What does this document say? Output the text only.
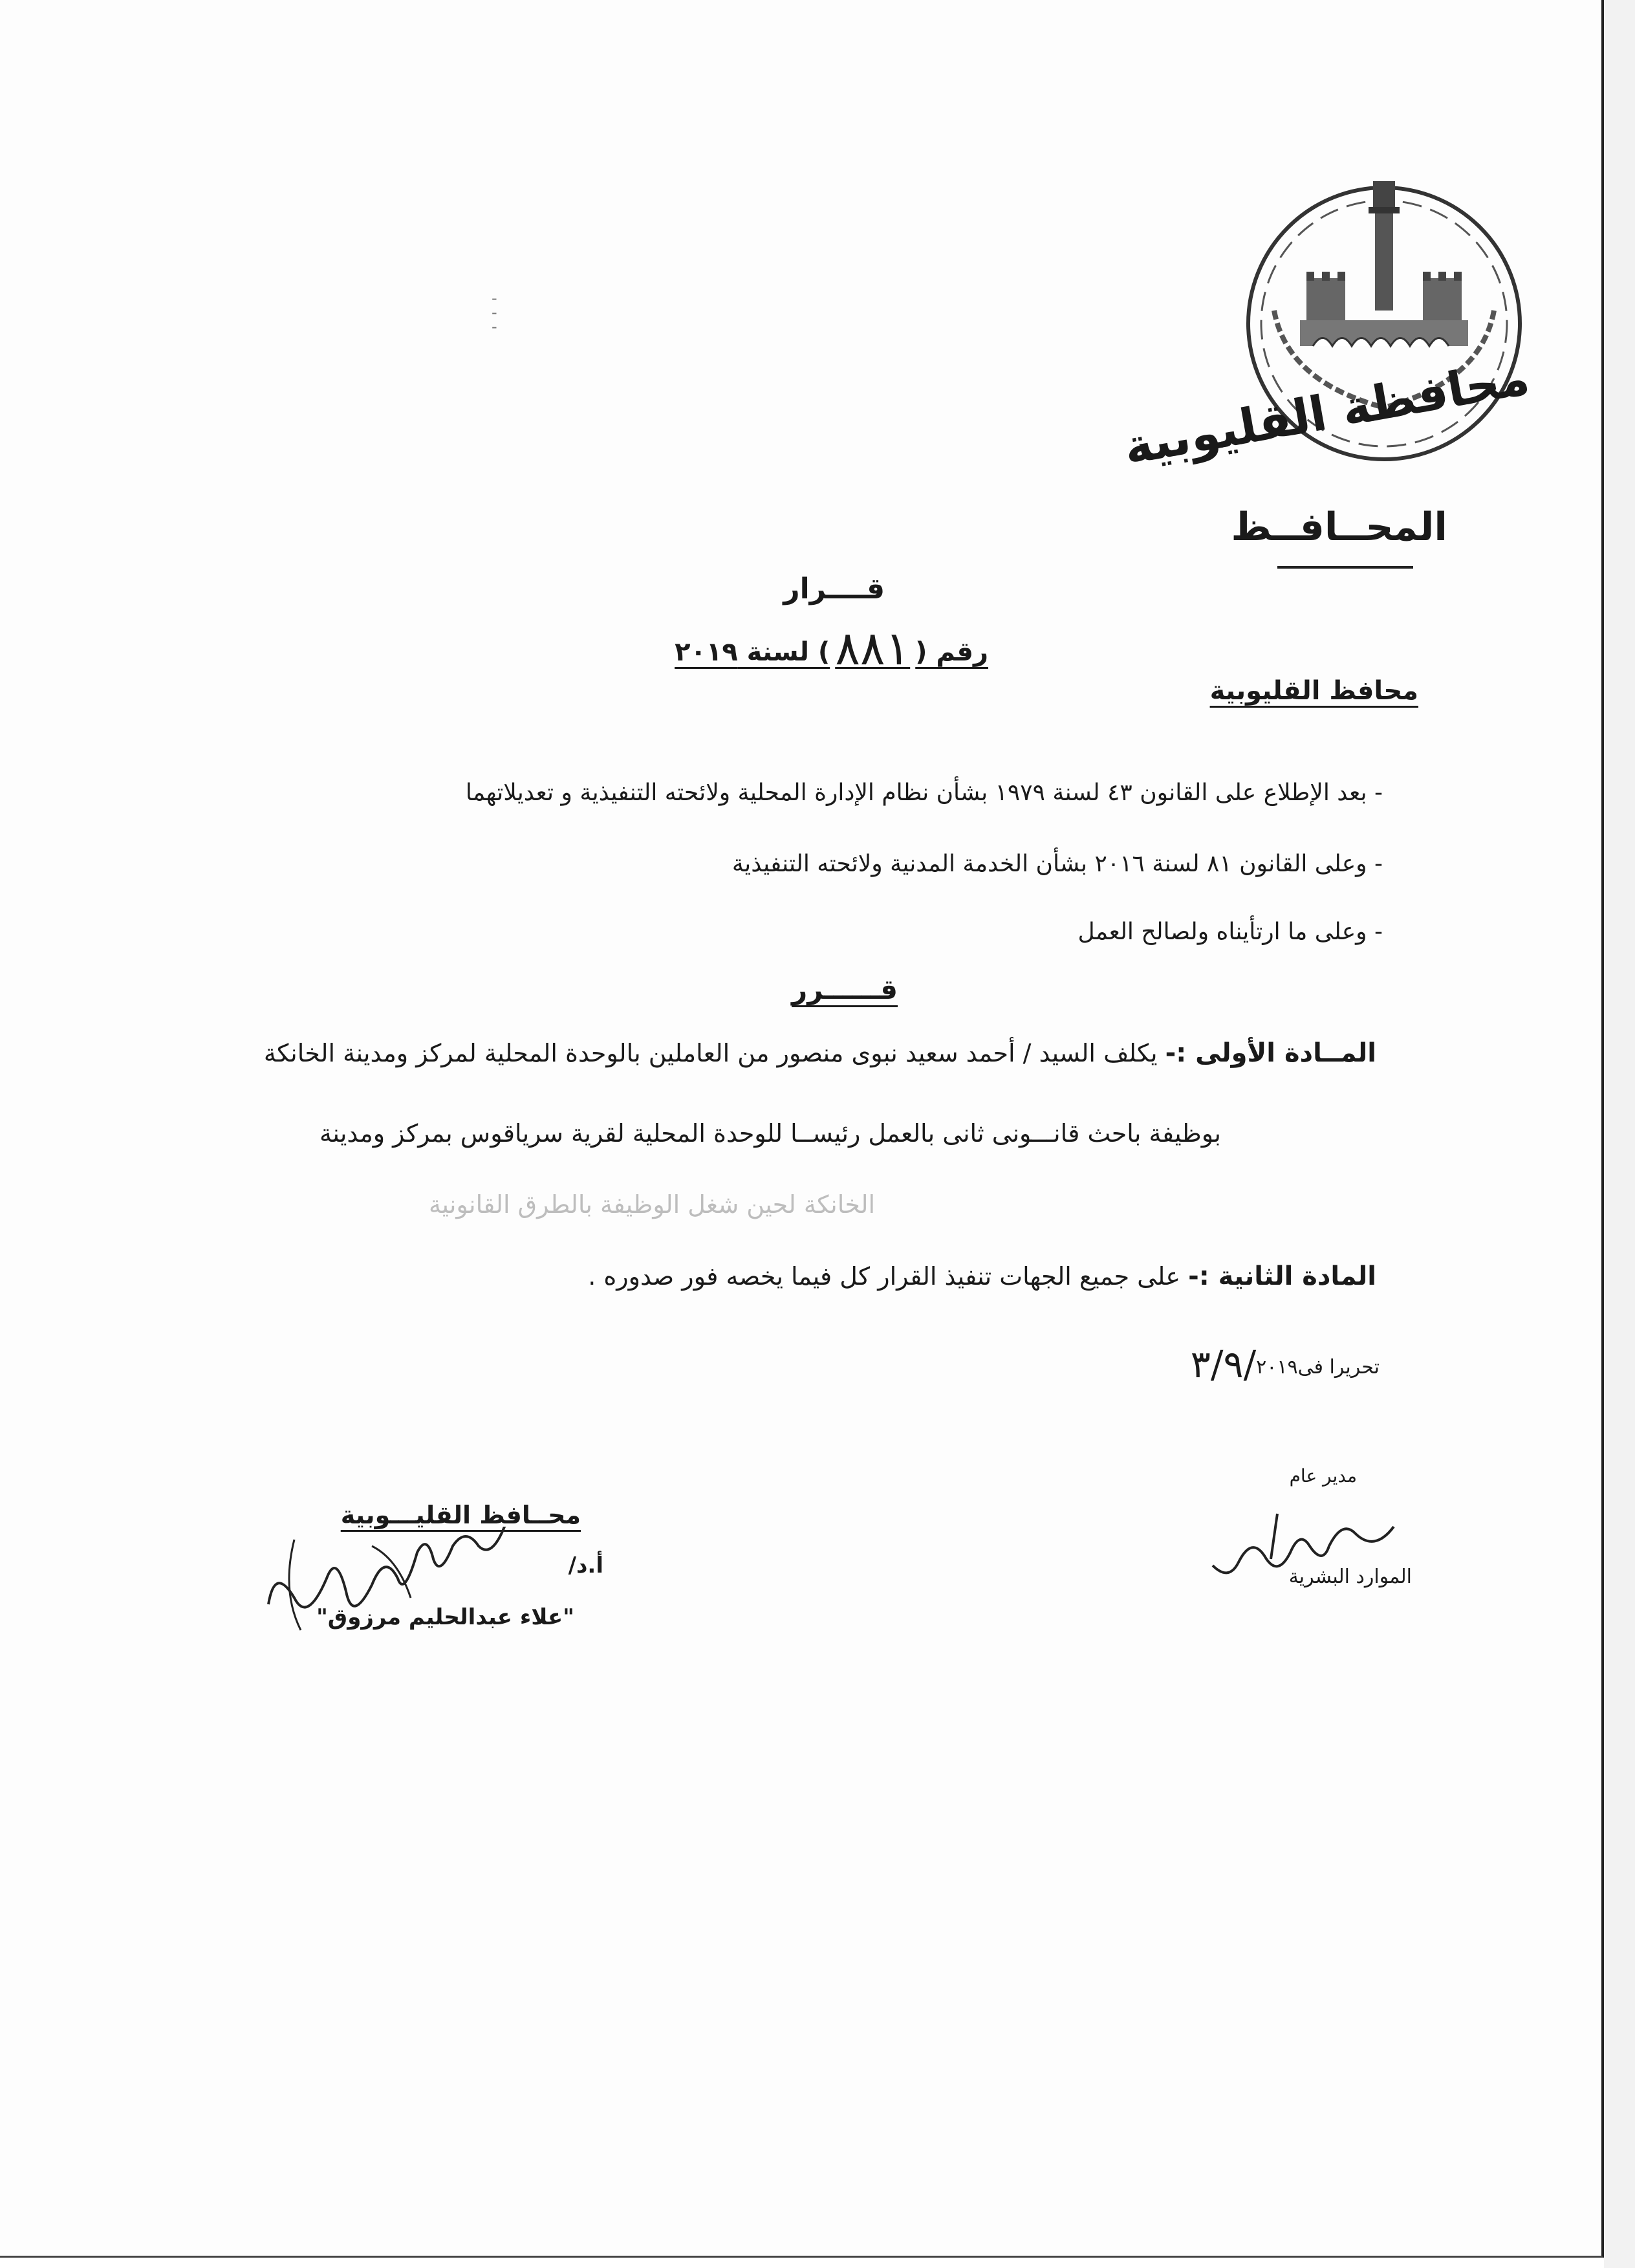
-
-
-
محافظة القليوبية
المحــافــظ
قــــرار
رقم (٨٨١) لسنة ٢٠١٩
محافظ القليوبية
- بعد الإطلاع على القانون ٤٣ لسنة ١٩٧٩ بشأن نظام الإدارة المحلية ولائحته التنفيذية و تعديلاتهما
- وعلى القانون ٨١ لسنة ٢٠١٦ بشأن الخدمة المدنية ولائحته التنفيذية
- وعلى ما ارتأيناه ولصالح العمل
قــــــرر
المــادة الأولى :- يكلف السيد / أحمد سعيد نبوى منصور من العاملين بالوحدة المحلية لمركز ومدينة الخانكة
بوظيفة باحث قانـــونى ثانى بالعمل رئيســا للوحدة المحلية لقرية سرياقوس بمركز ومدينة
الخانكة لحين شغل الوظيفة بالطرق القانونية
المادة الثانية :- على جميع الجهات تنفيذ القرار كل فيما يخصه فور صدوره .
تحريرا فى٣/٩/٢٠١٩
مدير عام
الموارد البشرية
محــافظ القليـــوبية
أ.د/
"علاء عبدالحليم مرزوق"
